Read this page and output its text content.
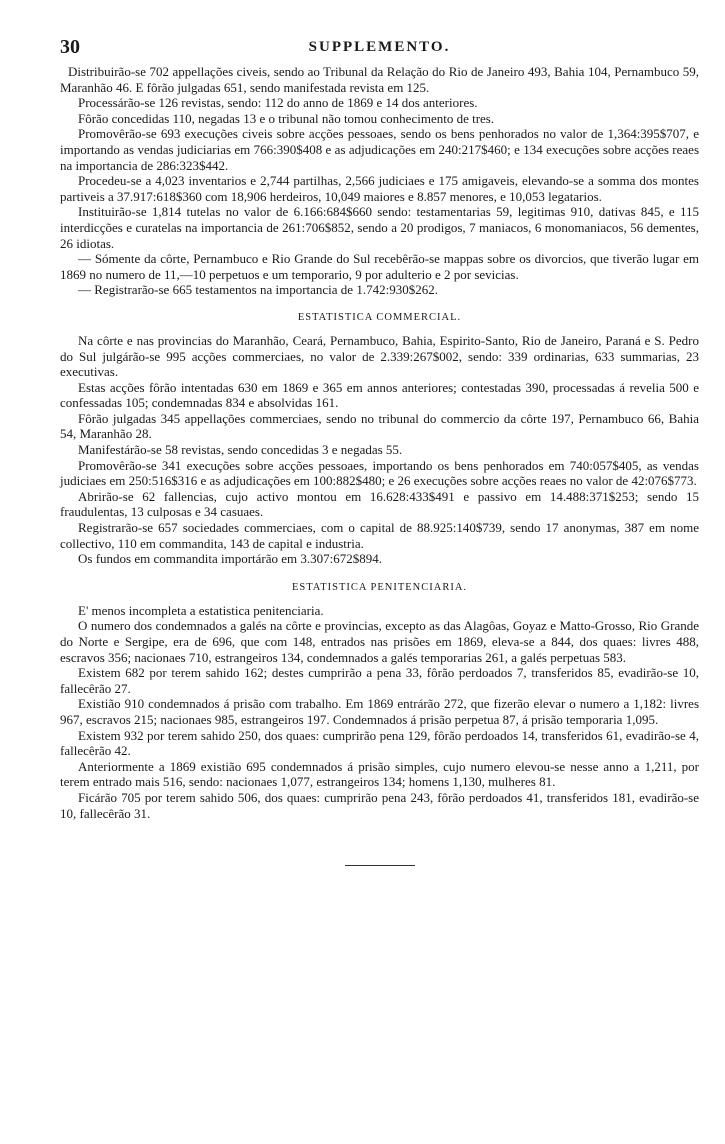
30	SUPPLEMENTO.

Distribuirão-se 702 appellações civeis, sendo ao Tribunal da Relação do Rio de Janeiro 493, Bahia 104, Pernambuco 59, Maranhão 46. E fôrão julgadas 651, sendo manifestada revista em 125.

Processárão-se 126 revistas, sendo: 112 do anno de 1869 e 14 dos anteriores.

Fôrão concedidas 110, negadas 13 e o tribunal não tomou conhecimento de tres.

Promovêrão-se 693 execuções civeis sobre acções pessoaes, sendo os bens penhorados no valor de 1,364:395$707, e importando as vendas judiciarias em 766:390$408 e as adjudicações em 240:217$460; e 134 execuções sobre acções reaes na importancia de 286:323$442.

Procedeu-se a 4,023 inventarios e 2,744 partilhas, 2,566 judiciaes e 175 amigaveis, elevando-se a somma dos montes partiveis a 37.917:618$360 com 18,906 herdeiros, 10,049 maiores e 8.857 menores, e 10,053 legatarios.

Instituirão-se 1,814 tutelas no valor de 6.166:684$660 sendo: testamentarias 59, legitimas 910, dativas 845, e 115 interdicções e curatelas na importancia de 261:706$852, sendo a 20 prodigos, 7 maniacos, 6 monomaniacos, 56 dementes, 26 idiotas.

— Sómente da côrte, Pernambuco e Rio Grande do Sul recebêrão-se mappas sobre os divorcios, que tiverão lugar em 1869 no numero de 11,—10 perpetuos e um temporario, 9 por adulterio e 2 por sevicias.

— Registrarão-se 665 testamentos na importancia de 1.742:930$262.

ESTATISTICA COMMERCIAL.

Na côrte e nas provincias do Maranhão, Ceará, Pernambuco, Bahia, Espirito-Santo, Rio de Janeiro, Paraná e S. Pedro do Sul julgárão-se 995 acções commerciaes, no valor de 2.339:267$002, sendo: 339 ordinarias, 633 summarias, 23 executivas.

Estas acções fôrão intentadas 630 em 1869 e 365 em annos anteriores; contestadas 390, processadas á revelia 500 e confessadas 105; condemnadas 834 e absolvidas 161.

Fôrão julgadas 345 appellações commerciaes, sendo no tribunal do commercio da côrte 197, Pernambuco 66, Bahia 54, Maranhão 28.

Manifestárão-se 58 revistas, sendo concedidas 3 e negadas 55.

Promovêrão-se 341 execuções sobre acções pessoaes, importando os bens penhorados em 740:057$405, as vendas judiciaes em 250:516$316 e as adjudicações em 100:882$480; e 26 execuções sobre acções reaes no valor de 42:076$773.

Abrirão-se 62 fallencias, cujo activo montou em 16.628:433$491 e passivo em 14.488:371$253; sendo 15 fraudulentas, 13 culposas e 34 casuaes.

Registrarão-se 657 sociedades commerciaes, com o capital de 88.925:140$739, sendo 17 anonymas, 387 em nome collectivo, 110 em commandita, 143 de capital e industria.

Os fundos em commandita importárão em 3.307:672$894.

ESTATISTICA PENITENCIARIA.

E' menos incompleta a estatistica penitenciaria.

O numero dos condemnados a galés na côrte e provincias, excepto as das Alagôas, Goyaz e Matto-Grosso, Rio Grande do Norte e Sergipe, era de 696, que com 148, entrados nas prisões em 1869, eleva-se a 844, dos quaes: livres 488, escravos 356; nacionaes 710, estrangeiros 134, condemnados a galés temporarias 261, a galés perpetuas 583.

Existem 682 por terem sahido 162; destes cumprirão a pena 33, fôrão perdoados 7, transferidos 85, evadirão-se 10, fallecêrão 27.

Existião 910 condemnados á prisão com trabalho. Em 1869 entrárão 272, que fizerão elevar o numero a 1,182: livres 967, escravos 215; nacionaes 985, estrangeiros 197. Condemnados á prisão perpetua 87, á prisão temporaria 1,095.

Existem 932 por terem sahido 250, dos quaes: cumprirão pena 129, fôrão perdoados 14, transferidos 61, evadirão-se 4, fallecêrão 42.

Anteriormente a 1869 existião 695 condemnados á prisão simples, cujo numero elevou-se nesse anno a 1,211, por terem entrado mais 516, sendo: nacionaes 1,077, estrangeiros 134; homens 1,130, mulheres 81.

Ficárão 705 por terem sahido 506, dos quaes: cumprirão pena 243, fôrão perdoados 41, transferidos 181, evadirão-se 10, fallecêrão 31.
